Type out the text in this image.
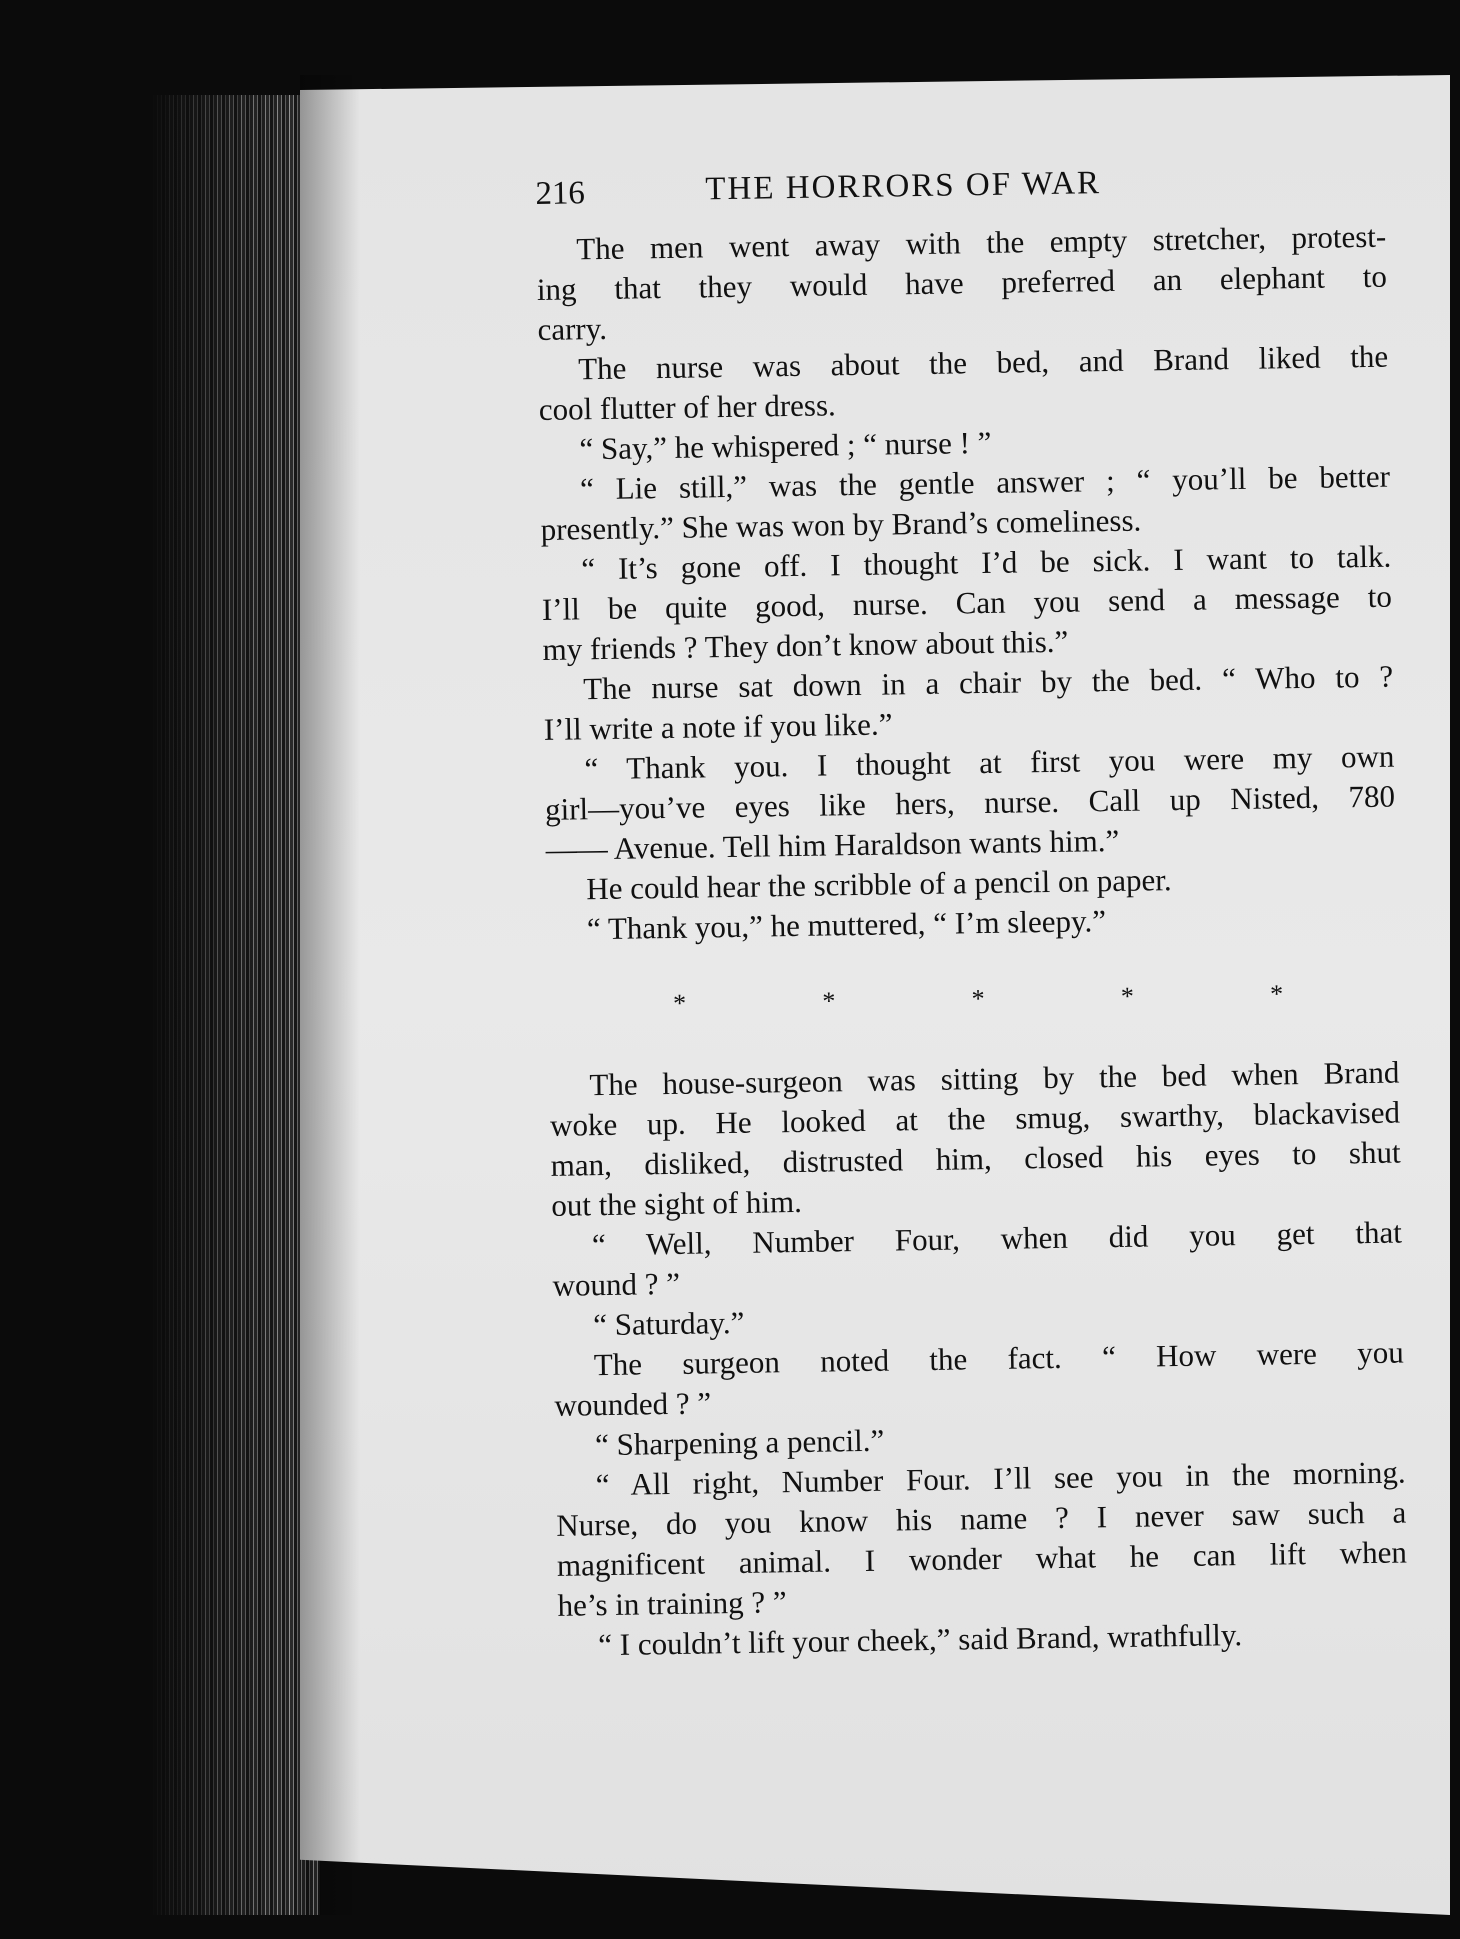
216	THE HORRORS OF WAR
The men went away with the empty stretcher, protest-
ing that they would have preferred an elephant to
carry.
The nurse was about the bed, and Brand liked the
cool flutter of her dress.
“ Say,” he whispered ; “ nurse ! ”
“ Lie still,” was the gentle answer ; “ you’ll be better
presently.” She was won by Brand’s comeliness.
“ It’s gone off. I thought I’d be sick. I want to talk.
I’ll be quite good, nurse. Can you send a message to
my friends ? They don’t know about this.”
The nurse sat down in a chair by the bed. “ Who to ?
I’ll write a note if you like.”
“ Thank you. I thought at first you were my own
girl—you’ve eyes like hers, nurse. Call up Nisted, 780
—— Avenue. Tell him Haraldson wants him.”
He could hear the scribble of a pencil on paper.
“ Thank you,” he muttered, “ I’m sleepy.”
*	*	*	*	*
The house-surgeon was sitting by the bed when Brand
woke up. He looked at the smug, swarthy, blackavised
man, disliked, distrusted him, closed his eyes to shut
out the sight of him.
“ Well, Number Four, when did you get that
wound ? ”
“ Saturday.”
The surgeon noted the fact. “ How were you
wounded ? ”
“ Sharpening a pencil.”
“ All right, Number Four. I’ll see you in the morning.
Nurse, do you know his name ? I never saw such a
magnificent animal. I wonder what he can lift when
he’s in training ? ”
“ I couldn’t lift your cheek,” said Brand, wrathfully.
